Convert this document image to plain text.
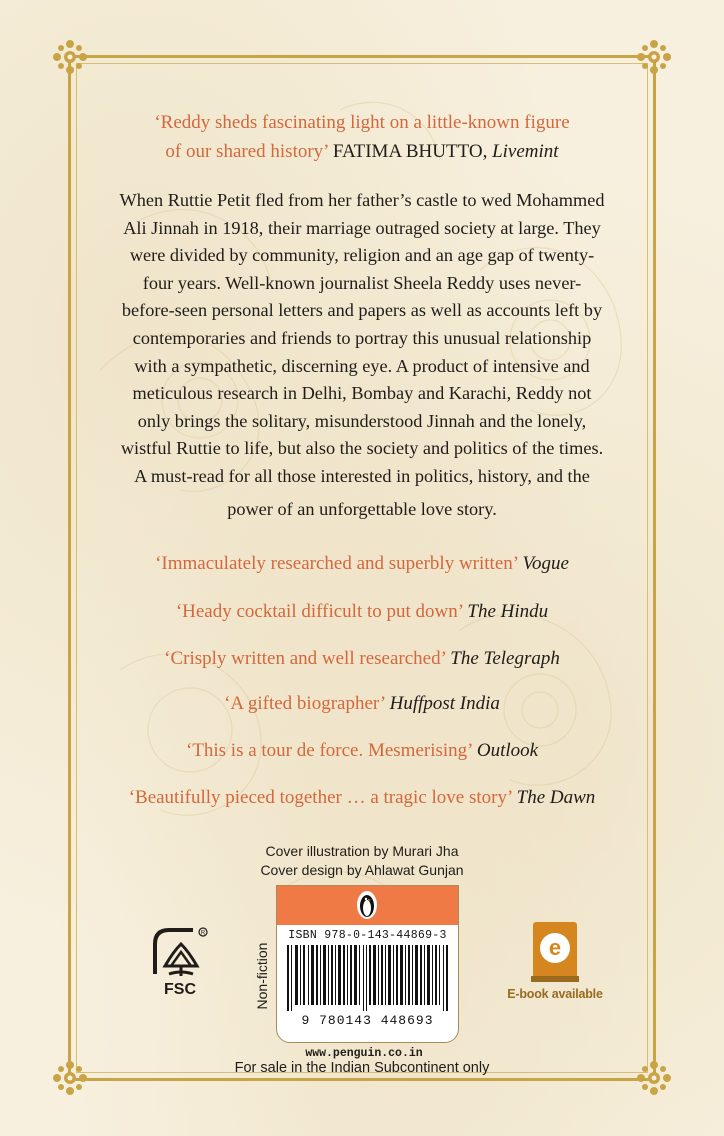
‘Reddy sheds fascinating light on a little-known figure
of our shared history’ FATIMA BHUTTO, Livemint
When Ruttie Petit fled from her father’s castle to wed Mohammed
Ali Jinnah in 1918, their marriage outraged society at large. They
were divided by community, religion and an age gap of twenty-
four years. Well-known journalist Sheela Reddy uses never-
before-seen personal letters and papers as well as accounts left by
contemporaries and friends to portray this unusual relationship
with a sympathetic, discerning eye. A product of intensive and
meticulous research in Delhi, Bombay and Karachi, Reddy not
only brings the solitary, misunderstood Jinnah and the lonely,
wistful Ruttie to life, but also the society and politics of the times.
A must-read for all those interested in politics, history, and the
power of an unforgettable love story.
‘Immaculately researched and superbly written’ Vogue
‘Heady cocktail difficult to put down’ The Hindu
‘Crisply written and well researched’ The Telegraph
‘A gifted biographer’ Huffpost India
‘This is a tour de force. Mesmerising’ Outlook
‘Beautifully pieced together … a tragic love story’ The Dawn
Cover illustration by Murari Jha
Cover design by Ahlawat Gunjan
R
FSC	Non-fiction
ISBN 978-0-143-44869-3
9 780143 448693
e
E-book available
www.penguin.co.in
For sale in the Indian Subcontinent only
